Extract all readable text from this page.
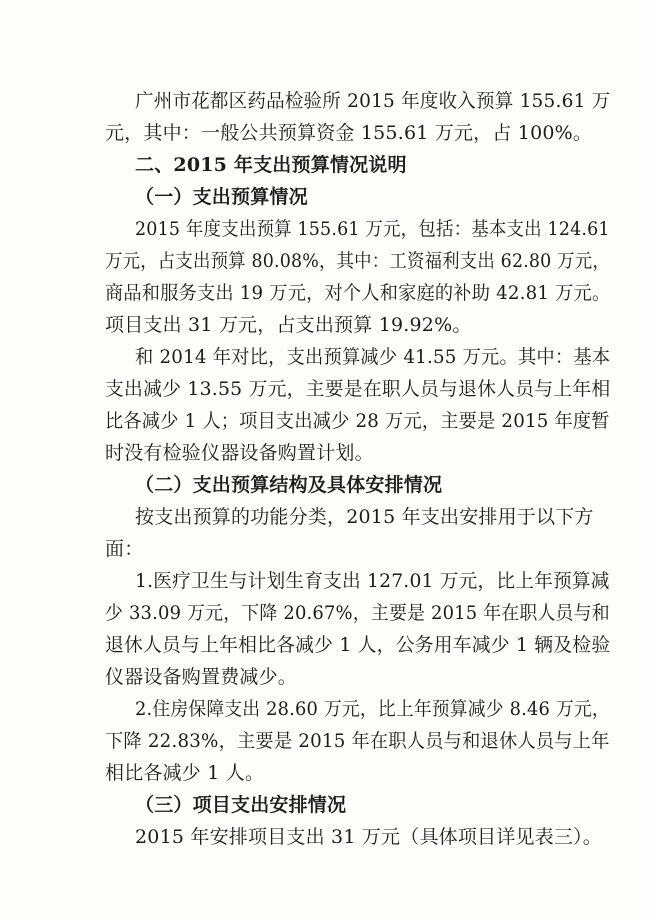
广州市花都区药品检验所 2015 年度收入预算 155.61 万
元，其中：一般公共预算资金 155.61 万元，占 100%。
二、2015 年支出预算情况说明
（一）支出预算情况
2015 年度支出预算 155.61 万元，包括：基本支出 124.61
万元，占支出预算 80.08%，其中：工资福利支出 62.80 万元，
商品和服务支出 19 万元，对个人和家庭的补助 42.81 万元。
项目支出 31 万元，占支出预算 19.92%。
和 2014 年对比，支出预算减少 41.55 万元。其中：基本
支出减少 13.55 万元，主要是在职人员与退休人员与上年相
比各减少 1 人；项目支出减少 28 万元，主要是 2015 年度暂
时没有检验仪器设备购置计划。
（二）支出预算结构及具体安排情况
按支出预算的功能分类，2015 年支出安排用于以下方
面：
1.医疗卫生与计划生育支出 127.01 万元，比上年预算减
少 33.09 万元，下降 20.67%，主要是 2015 年在职人员与和
退休人员与上年相比各减少 1 人，公务用车减少 1 辆及检验
仪器设备购置费减少。
2.住房保障支出 28.60 万元，比上年预算减少 8.46 万元，
下降 22.83%，主要是 2015 年在职人员与和退休人员与上年
相比各减少 1 人。
（三）项目支出安排情况
2015 年安排项目支出 31 万元（具体项目详见表三）。
